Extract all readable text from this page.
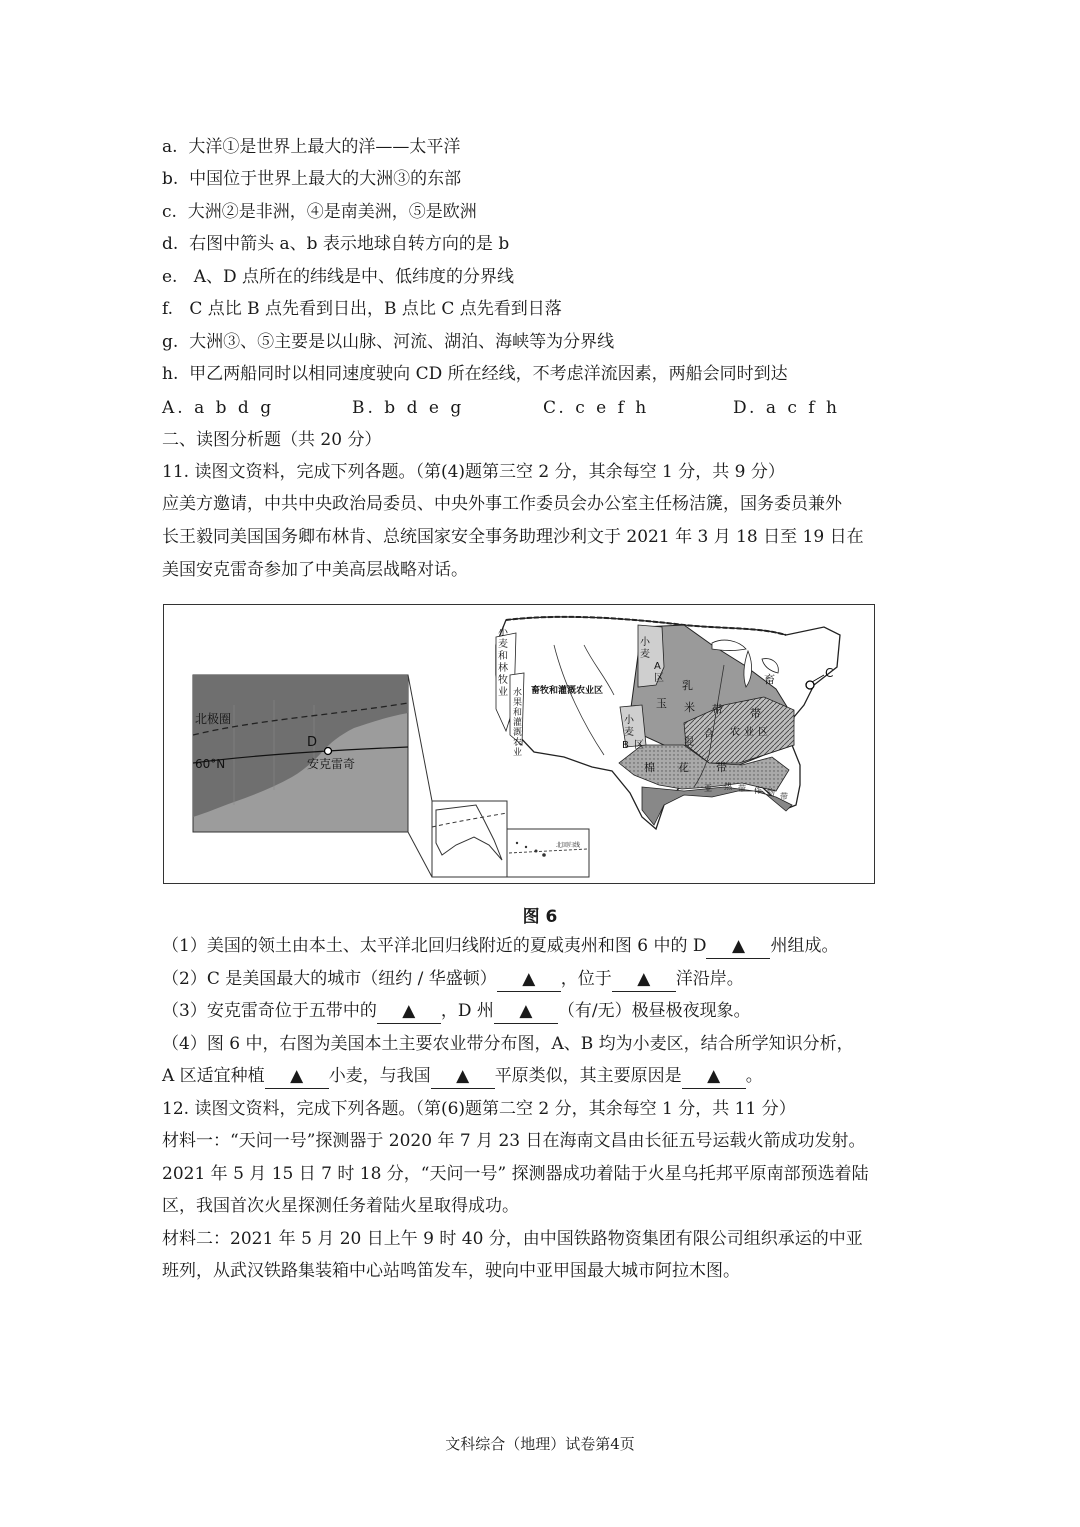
a. 大洋①是世界上最大的洋——太平洋
b. 中国位于世界上最大的大洲③的东部
c. 大洲②是非洲，④是南美洲，⑤是欧洲
d. 右图中箭头 a、b 表示地球自转方向的是 b
e. A、D 点所在的纬线是中、低纬度的分界线
f. C 点比 B 点先看到日出，B 点比 C 点先看到日落
g. 大洲③、⑤主要是以山脉、河流、湖泊、海峡等为分界线
h. 甲乙两船同时以相同速度驶向 CD 所在经线，不考虑洋流因素，两船会同时到达
A. a b d g	B. b d e g	C. c e f h	D. a c f h
二、读图分析题（共 20 分）
11. 读图文资料，完成下列各题。（第(4)题第三空 2 分，其余每空 1 分，共 9 分）
应美方邀请，中共中央政治局委员、中央外事工作委员会办公室主任杨洁篪，国务委员兼外
长王毅同美国国务卿布林肯、总统国家安全事务助理沙利文于 2021 年 3 月 18 日至 19 日在
美国安克雷奇参加了中美高层战略对话。
北极圈
60°N
D
安克雷奇
北回归线
畜牧和灌溉农业区
C
小
麦
和
林
牧
业 水
果
和
灌
溉
农
业
小
麦
A
区
小
麦
B 区
乳	畜
带
玉 米 带
混
合 农 业 区
棉 花 带
亚 热 带 作 物 带
图 6
（1）美国的领土由本土、太平洋北回归线附近的夏威夷州和图 6 中的 D ▲ 州组成。
（2）C 是美国最大的城市（纽约 / 华盛顿） ▲ ，位于 ▲ 洋沿岸。
（3）安克雷奇位于五带中的 ▲ ，D 州 ▲ （有/无）极昼极夜现象。
（4）图 6 中，右图为美国本土主要农业带分布图，A、B 均为小麦区，结合所学知识分析，
A 区适宜种植 ▲ 小麦，与我国 ▲ 平原类似，其主要原因是 ▲ 。
12. 读图文资料，完成下列各题。（第(6)题第二空 2 分，其余每空 1 分，共 11 分）
材料一：“天问一号”探测器于 2020 年 7 月 23 日在海南文昌由长征五号运载火箭成功发射。
2021 年 5 月 15 日 7 时 18 分，“天问一号” 探测器成功着陆于火星乌托邦平原南部预选着陆
区，我国首次火星探测任务着陆火星取得成功。
材料二：2021 年 5 月 20 日上午 9 时 40 分，由中国铁路物资集团有限公司组织承运的中亚
班列，从武汉铁路集装箱中心站鸣笛发车，驶向中亚甲国最大城市阿拉木图。
文科综合（地理）试卷第4页
